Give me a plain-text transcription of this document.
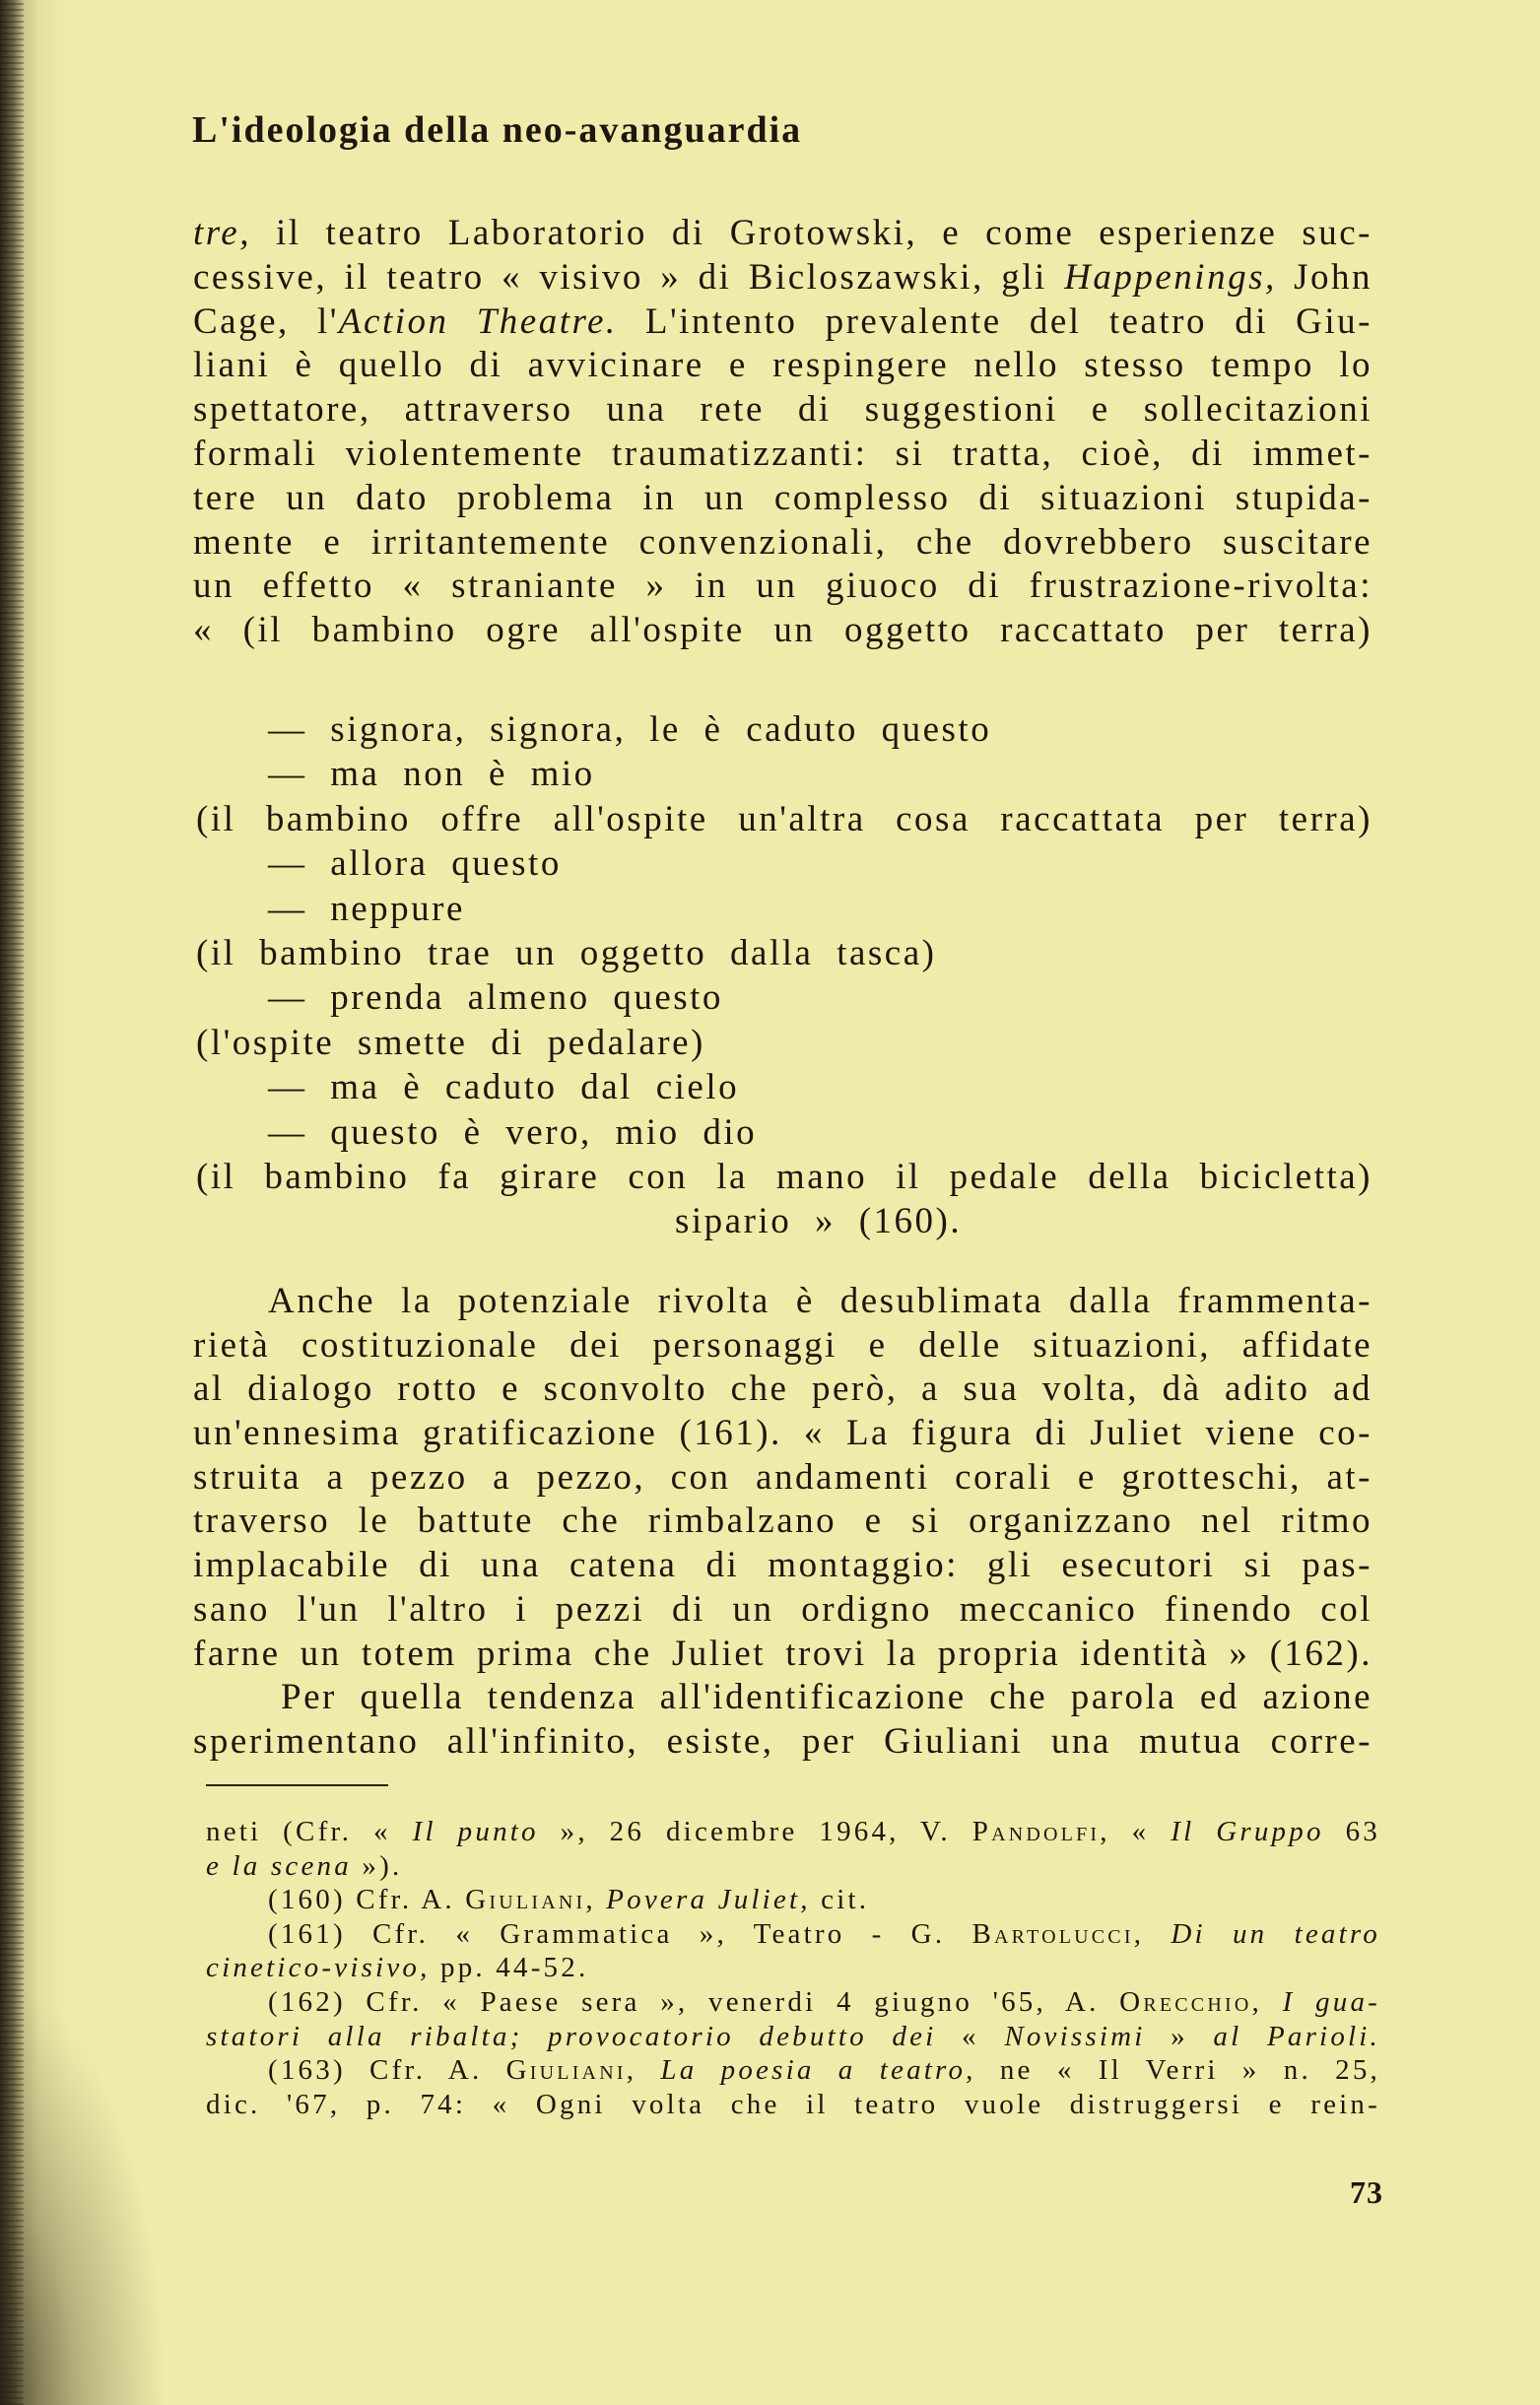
L'ideologia della neo-avanguardia
tre, il teatro Laboratorio di Grotowski, e come esperienze suc-
cessive, il teatro « visivo » di Bicloszawski, gli Happenings, John
Cage, l'Action Theatre. L'intento prevalente del teatro di Giu-
liani è quello di avvicinare e respingere nello stesso tempo lo
spettatore, attraverso una rete di suggestioni e sollecitazioni
formali violentemente traumatizzanti: si tratta, cioè, di immet-
tere un dato problema in un complesso di situazioni stupida-
mente e irritantemente convenzionali, che dovrebbero suscitare
un effetto « straniante » in un giuoco di frustrazione-rivolta:
« (il bambino ogre all'ospite un oggetto raccattato per terra)
— signora, signora, le è caduto questo
— ma non è mio
(il bambino offre all'ospite un'altra cosa raccattata per terra)
— allora questo
— neppure
(il bambino trae un oggetto dalla tasca)
— prenda almeno questo
(l'ospite smette di pedalare)
— ma è caduto dal cielo
— questo è vero, mio dio
(il bambino fa girare con la mano il pedale della bicicletta)
sipario » (160).
Anche la potenziale rivolta è desublimata dalla frammenta-
rietà costituzionale dei personaggi e delle situazioni, affidate
al dialogo rotto e sconvolto che però, a sua volta, dà adito ad
un'ennesima gratificazione (161). « La figura di Juliet viene co-
struita a pezzo a pezzo, con andamenti corali e grotteschi, at-
traverso le battute che rimbalzano e si organizzano nel ritmo
implacabile di una catena di montaggio: gli esecutori si pas-
sano l'un l'altro i pezzi di un ordigno meccanico finendo col
farne un totem prima che Juliet trovi la propria identità » (162).
Per quella tendenza all'identificazione che parola ed azione
sperimentano all'infinito, esiste, per Giuliani una mutua corre-
neti (Cfr. « Il punto », 26 dicembre 1964, V. Pandolfi, « Il Gruppo 63
e la scena »).
(160) Cfr. A. Giuliani, Povera Juliet, cit.
(161) Cfr. « Grammatica », Teatro - G. Bartolucci, Di un teatro
cinetico-visivo, pp. 44-52.
(162) Cfr. « Paese sera », venerdi 4 giugno '65, A. Orecchio, I gua-
statori alla ribalta; provocatorio debutto dei « Novissimi » al Parioli.
(163) Cfr. A. Giuliani, La poesia a teatro, ne « Il Verri » n. 25,
dic. '67, p. 74: « Ogni volta che il teatro vuole distruggersi e rein-
73
